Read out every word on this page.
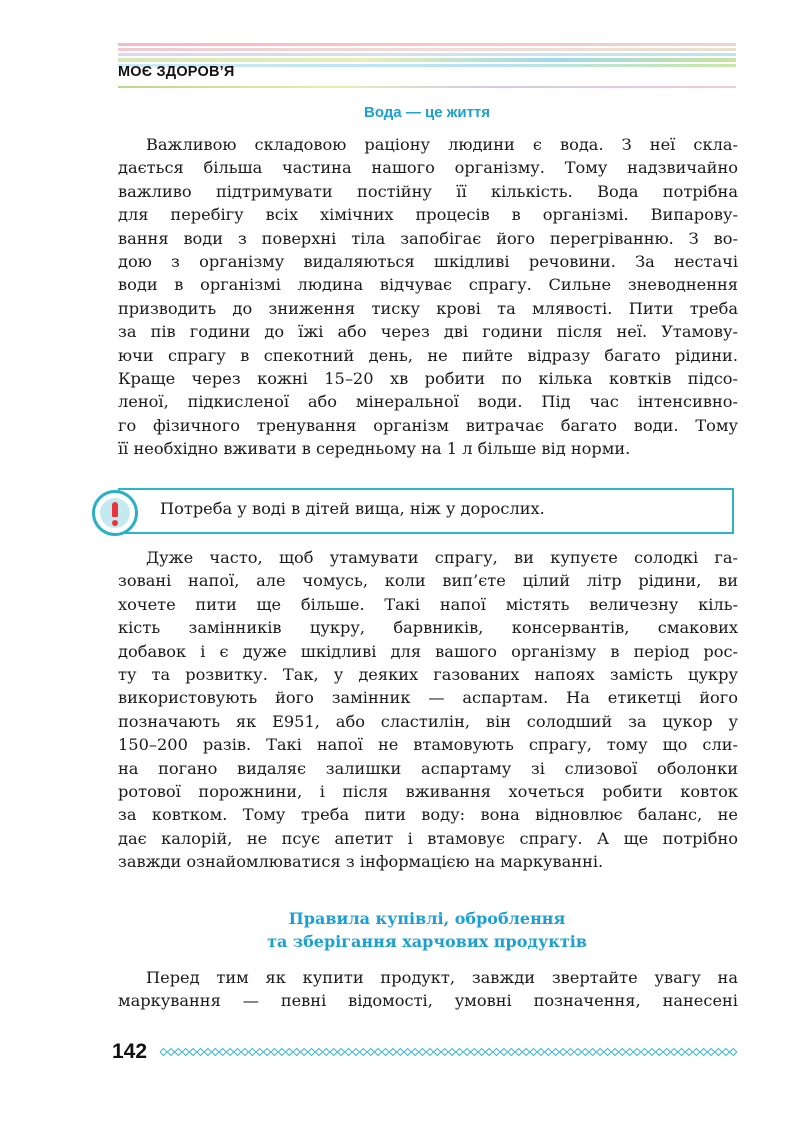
МОЄ ЗДОРОВ’Я
Вода — це життя

Важливою складовою раціону людини є вода. З неї скла-
дається більша частина нашого організму. Тому надзвичайно
важливо підтримувати постійну її кількість. Вода потрібна
для перебігу всіх хімічних процесів в організмі. Випарову-
вання води з поверхні тіла запобігає його перегріванню. З во-
дою з організму видаляються шкідливі речовини. За нестачі
води в організмі людина відчуває спрагу. Сильне зневоднення
призводить до зниження тиску крові та млявості. Пити треба
за пів години до їжі або через дві години після неї. Утамову-
ючи спрагу в спекотний день, не пийте відразу багато рідини.
Краще через кожні 15–20 хв робити по кілька ковтків підсо-
леної, підкисленої або мінеральної води. Під час інтенсивно-
го фізичного тренування організм витрачає багато води. Тому
її необхідно вживати в середньому на 1 л більше від норми.

Потреба у воді в дітей вища, ніж у дорослих.

Дуже часто, щоб утамувати спрагу, ви купуєте солодкі га-
зовані напої, але чомусь, коли вип’єте цілий літр рідини, ви
хочете пити ще більше. Такі напої містять величезну кіль-
кість замінників цукру, барвників, консервантів, смакових
добавок і є дуже шкідливі для вашого організму в період рос-
ту та розвитку. Так, у деяких газованих напоях замість цукру
використовують його замінник — аспартам. На етикетці його
позначають як Е951, або сластилін, він солодший за цукор у
150–200 разів. Такі напої не втамовують спрагу, тому що сли-
на погано видаляє залишки аспартаму зі слизової оболонки
ротової порожнини, і після вживання хочеться робити ковток
за ковтком. Тому треба пити воду: вона відновлює баланс, не
дає калорій, не псує апетит і втамовує спрагу. А ще потрібно
завжди ознайомлюватися з інформацією на маркуванні.

Правила купівлі, оброблення
та зберігання харчових продуктів

Перед тим як купити продукт, завжди звертайте увагу на
маркування — певні відомості, умовні позначення, нанесені

142
